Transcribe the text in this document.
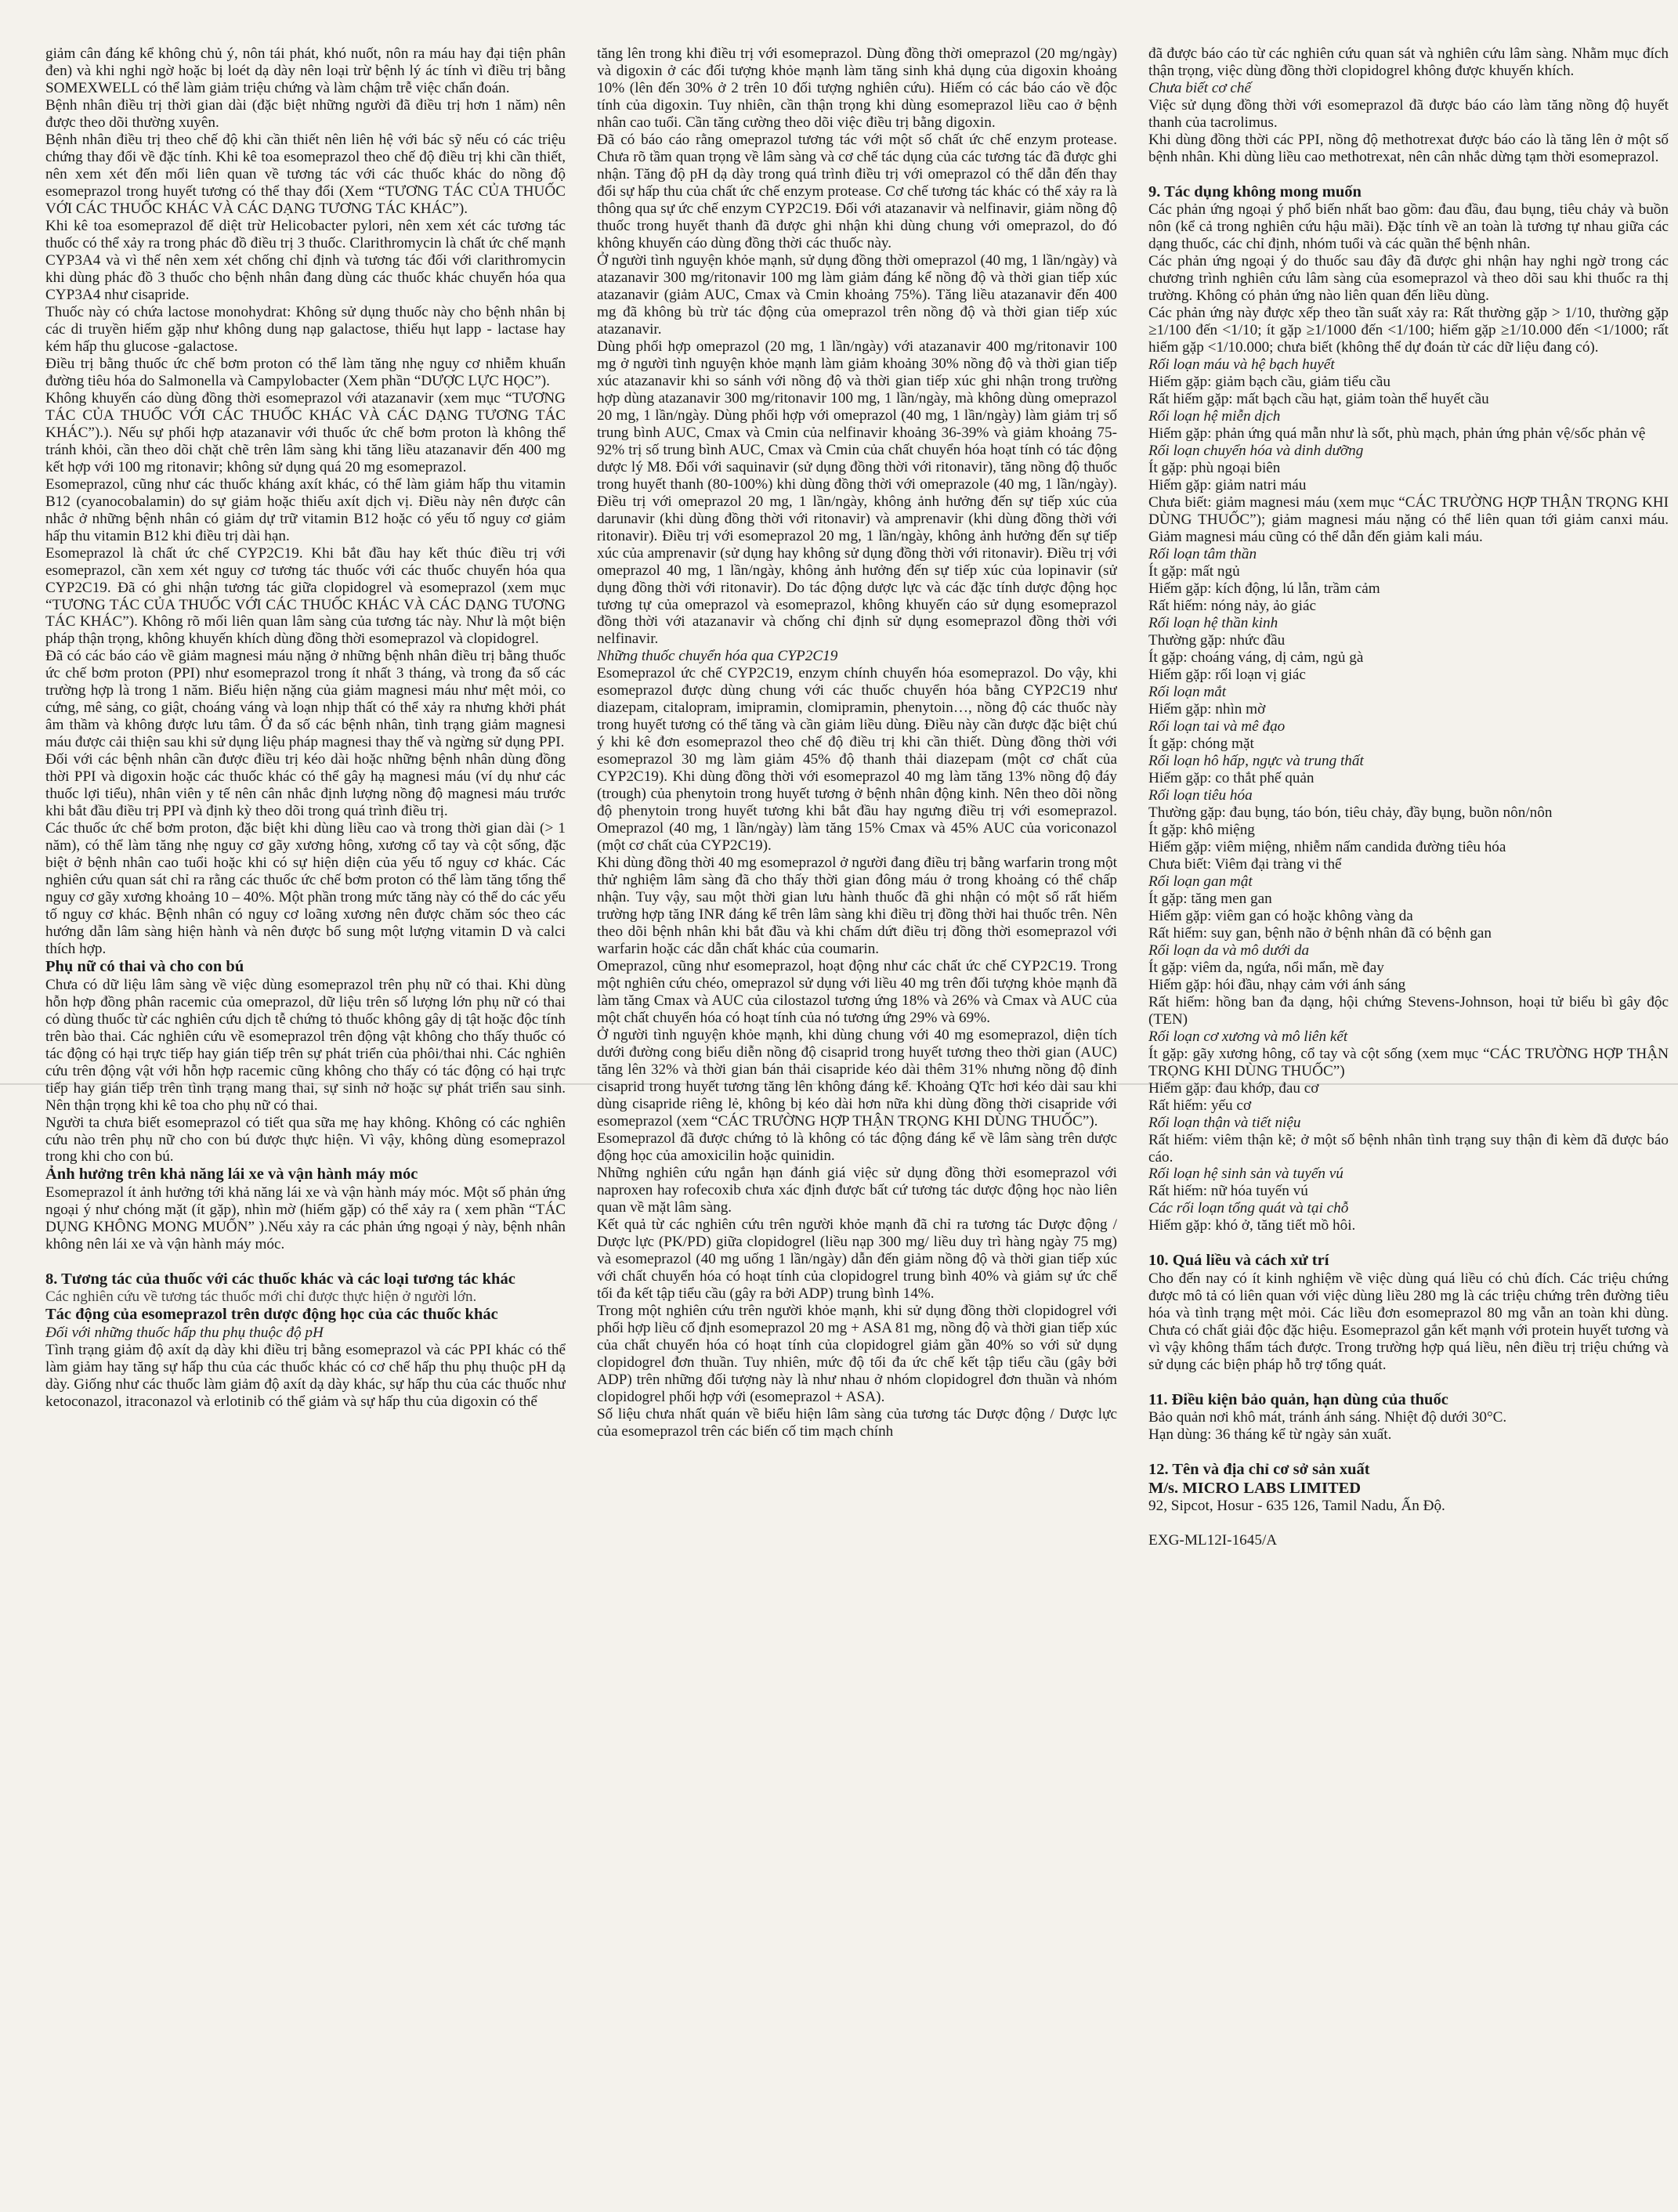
giảm cân đáng kể không chủ ý, nôn tái phát, khó nuốt, nôn ra máu hay đại tiện phân đen) và khi nghi ngờ hoặc bị loét dạ dày nên loại trừ bệnh lý ác tính vì điều trị bằng SOMEXWELL có thể làm giảm triệu chứng và làm chậm trễ việc chẩn đoán.

Bệnh nhân điều trị thời gian dài (đặc biệt những người đã điều trị hơn 1 năm) nên được theo dõi thường xuyên.

Bệnh nhân điều trị theo chế độ khi cần thiết nên liên hệ với bác sỹ nếu có các triệu chứng thay đổi về đặc tính. Khi kê toa esomeprazol theo chế độ điều trị khi cần thiết, nên xem xét đến mối liên quan về tương tác với các thuốc khác do nồng độ esomeprazol trong huyết tương có thể thay đổi (Xem “TƯƠNG TÁC CỦA THUỐC VỚI CÁC THUỐC KHÁC VÀ CÁC DẠNG TƯƠNG TÁC KHÁC”).

Khi kê toa esomeprazol để diệt trừ Helicobacter pylori, nên xem xét các tương tác thuốc có thể xảy ra trong phác đồ điều trị 3 thuốc. Clarithromycin là chất ức chế mạnh CYP3A4 và vì thế nên xem xét chống chỉ định và tương tác đối với clarithromycin khi dùng phác đồ 3 thuốc cho bệnh nhân đang dùng các thuốc khác chuyển hóa qua CYP3A4 như cisapride.

Thuốc này có chứa lactose monohydrat: Không sử dụng thuốc này cho bệnh nhân bị các di truyền hiếm gặp như không dung nạp galactose, thiếu hụt lapp - lactase hay kém hấp thu glucose -galactose.

Điều trị bằng thuốc ức chế bơm proton có thể làm tăng nhẹ nguy cơ nhiễm khuẩn đường tiêu hóa do Salmonella và Campylobacter (Xem phần “DƯỢC LỰC HỌC”).

Không khuyến cáo dùng đồng thời esomeprazol với atazanavir (xem mục “TƯƠNG TÁC CỦA THUỐC VỚI CÁC THUỐC KHÁC VÀ CÁC DẠNG TƯƠNG TÁC KHÁC”).). Nếu sự phối hợp atazanavir với thuốc ức chế bơm proton là không thể tránh khỏi, cần theo dõi chặt chẽ trên lâm sàng khi tăng liều atazanavir đến 400 mg kết hợp với 100 mg ritonavir; không sử dụng quá 20 mg esomeprazol.

Esomeprazol, cũng như các thuốc kháng axít khác, có thể làm giảm hấp thu vitamin B12 (cyanocobalamin) do sự giảm hoặc thiếu axít dịch vị. Điều này nên được cân nhắc ở những bệnh nhân có giảm dự trữ vitamin B12 hoặc có yếu tố nguy cơ giảm hấp thu vitamin B12 khi điều trị dài hạn.

Esomeprazol là chất ức chế CYP2C19. Khi bắt đầu hay kết thúc điều trị với esomeprazol, cần xem xét nguy cơ tương tác thuốc với các thuốc chuyển hóa qua CYP2C19. Đã có ghi nhận tương tác giữa clopidogrel và esomeprazol (xem mục “TƯƠNG TÁC CỦA THUỐC VỚI CÁC THUỐC KHÁC VÀ CÁC DẠNG TƯƠNG TÁC KHÁC”). Không rõ mối liên quan lâm sàng của tương tác này. Như là một biện pháp thận trọng, không khuyến khích dùng đồng thời esomeprazol và clopidogrel.

Đã có các báo cáo về giảm magnesi máu nặng ở những bệnh nhân điều trị bằng thuốc ức chế bơm proton (PPI) như esomeprazol trong ít nhất 3 tháng, và trong đa số các trường hợp là trong 1 năm. Biểu hiện nặng của giảm magnesi máu như mệt mỏi, co cứng, mê sảng, co giật, choáng váng và loạn nhịp thất có thể xảy ra nhưng khởi phát âm thầm và không được lưu tâm. Ở đa số các bệnh nhân, tình trạng giảm magnesi máu được cải thiện sau khi sử dụng liệu pháp magnesi thay thế và ngừng sử dụng PPI.

Đối với các bệnh nhân cần được điều trị kéo dài hoặc những bệnh nhân dùng đồng thời PPI và digoxin hoặc các thuốc khác có thể gây hạ magnesi máu (ví dụ như các thuốc lợi tiểu), nhân viên y tế nên cân nhắc định lượng nồng độ magnesi máu trước khi bắt đầu điều trị PPI và định kỳ theo dõi trong quá trình điều trị.

Các thuốc ức chế bơm proton, đặc biệt khi dùng liều cao và trong thời gian dài (> 1 năm), có thể làm tăng nhẹ nguy cơ gãy xương hông, xương cổ tay và cột sống, đặc biệt ở bệnh nhân cao tuổi hoặc khi có sự hiện diện của yếu tố nguy cơ khác. Các nghiên cứu quan sát chỉ ra rằng các thuốc ức chế bơm proton có thể làm tăng tổng thể nguy cơ gãy xương khoảng 10 – 40%. Một phần trong mức tăng này có thể do các yếu tố nguy cơ khác. Bệnh nhân có nguy cơ loãng xương nên được chăm sóc theo các hướng dẫn lâm sàng hiện hành và nên được bổ sung một lượng vitamin D và calci thích hợp.

Phụ nữ có thai và cho con bú

Chưa có dữ liệu lâm sàng về việc dùng esomeprazol trên phụ nữ có thai. Khi dùng hỗn hợp đồng phân racemic của omeprazol, dữ liệu trên số lượng lớn phụ nữ có thai có dùng thuốc từ các nghiên cứu dịch tễ chứng tỏ thuốc không gây dị tật hoặc độc tính trên bào thai. Các nghiên cứu về esomeprazol trên động vật không cho thấy thuốc có tác động có hại trực tiếp hay gián tiếp trên sự phát triển của phôi/thai nhi. Các nghiên cứu trên động vật với hỗn hợp racemic cũng không cho thấy có tác động có hại trực tiếp hay gián tiếp trên tình trạng mang thai, sự sinh nở hoặc sự phát triển sau sinh. Nên thận trọng khi kê toa cho phụ nữ có thai.

Người ta chưa biết esomeprazol có tiết qua sữa mẹ hay không. Không có các nghiên cứu nào trên phụ nữ cho con bú được thực hiện. Vì vậy, không dùng esomeprazol trong khi cho con bú.

Ảnh hưởng trên khả năng lái xe và vận hành máy móc

Esomeprazol ít ảnh hưởng tới khả năng lái xe và vận hành máy móc. Một số phản ứng ngoại ý như chóng mặt (ít gặp), nhìn mờ (hiếm gặp) có thể xảy ra ( xem phần “TÁC DỤNG KHÔNG MONG MUỐN” ).Nếu xảy ra các phản ứng ngoại ý này, bệnh nhân không nên lái xe và vận hành máy móc.

8. Tương tác của thuốc với các thuốc khác và các loại tương tác khác

Các nghiên cứu về tương tác thuốc mới chỉ được thực hiện ở người lớn.

Tác động của esomeprazol trên dược động học của các thuốc khác

Đối với những thuốc hấp thu phụ thuộc độ pH

Tình trạng giảm độ axít dạ dày khi điều trị bằng esomeprazol và các PPI khác có thể làm giảm hay tăng sự hấp thu của các thuốc khác có cơ chế hấp thu phụ thuộc pH dạ dày. Giống như các thuốc làm giảm độ axít dạ dày khác, sự hấp thu của các thuốc như ketoconazol, itraconazol và erlotinib có thể giảm và sự hấp thu của digoxin có thể

tăng lên trong khi điều trị với esomeprazol. Dùng đồng thời omeprazol (20 mg/ngày) và digoxin ở các đối tượng khỏe mạnh làm tăng sinh khả dụng của digoxin khoảng 10% (lên đến 30% ở 2 trên 10 đối tượng nghiên cứu). Hiếm có các báo cáo về độc tính của digoxin. Tuy nhiên, cần thận trọng khi dùng esomeprazol liều cao ở bệnh nhân cao tuổi. Cần tăng cường theo dõi việc điều trị bằng digoxin.

Đã có báo cáo rằng omeprazol tương tác với một số chất ức chế enzym protease. Chưa rõ tầm quan trọng về lâm sàng và cơ chế tác dụng của các tương tác đã được ghi nhận. Tăng độ pH dạ dày trong quá trình điều trị với omeprazol có thể dẫn đến thay đổi sự hấp thu của chất ức chế enzym protease. Cơ chế tương tác khác có thể xảy ra là thông qua sự ức chế enzym CYP2C19. Đối với atazanavir và nelfinavir, giảm nồng độ thuốc trong huyết thanh đã được ghi nhận khi dùng chung với omeprazol, do đó không khuyến cáo dùng đồng thời các thuốc này.

Ở người tình nguyện khỏe mạnh, sử dụng đồng thời omeprazol (40 mg, 1 lần/ngày) và atazanavir 300 mg/ritonavir 100 mg làm giảm đáng kể nồng độ và thời gian tiếp xúc atazanavir (giảm AUC, Cmax và Cmin khoảng 75%). Tăng liều atazanavir đến 400 mg đã không bù trừ tác động của omeprazol trên nồng độ và thời gian tiếp xúc atazanavir.

Dùng phối hợp omeprazol (20 mg, 1 lần/ngày) với atazanavir 400 mg/ritonavir 100 mg ở người tình nguyện khỏe mạnh làm giảm khoảng 30% nồng độ và thời gian tiếp xúc atazanavir khi so sánh với nồng độ và thời gian tiếp xúc ghi nhận trong trường hợp dùng atazanavir 300 mg/ritonavir 100 mg, 1 lần/ngày, mà không dùng omeprazol 20 mg, 1 lần/ngày. Dùng phối hợp với omeprazol (40 mg, 1 lần/ngày) làm giảm trị số trung bình AUC, Cmax và Cmin của nelfinavir khoảng 36-39% và giảm khoảng 75-92% trị số trung bình AUC, Cmax và Cmin của chất chuyển hóa hoạt tính có tác động dược lý M8. Đối với saquinavir (sử dụng đồng thời với ritonavir), tăng nồng độ thuốc trong huyết thanh (80-100%) khi dùng đồng thời với omeprazole (40 mg, 1 lần/ngày). Điều trị với omeprazol 20 mg, 1 lần/ngày, không ảnh hưởng đến sự tiếp xúc của darunavir (khi dùng đồng thời với ritonavir) và amprenavir (khi dùng đồng thời với ritonavir). Điều trị với esomeprazol 20 mg, 1 lần/ngày, không ảnh hưởng đến sự tiếp xúc của amprenavir (sử dụng hay không sử dụng đồng thời với ritonavir). Điều trị với omeprazol 40 mg, 1 lần/ngày, không ảnh hưởng đến sự tiếp xúc của lopinavir (sử dụng đồng thời với ritonavir). Do tác động dược lực và các đặc tính dược động học tương tự của omeprazol và esomeprazol, không khuyến cáo sử dụng esomeprazol đồng thời với atazanavir và chống chỉ định sử dụng esomeprazol đồng thời với nelfinavir.

Những thuốc chuyển hóa qua CYP2C19

Esomeprazol ức chế CYP2C19, enzym chính chuyển hóa esomeprazol. Do vậy, khi esomeprazol được dùng chung với các thuốc chuyển hóa bằng CYP2C19 như diazepam, citalopram, imipramin, clomipramin, phenytoin…, nồng độ các thuốc này trong huyết tương có thể tăng và cần giảm liều dùng. Điều này cần được đặc biệt chú ý khi kê đơn esomeprazol theo chế độ điều trị khi cần thiết. Dùng đồng thời với esomeprazol 30 mg làm giảm 45% độ thanh thải diazepam (một cơ chất của CYP2C19). Khi dùng đồng thời với esomeprazol 40 mg làm tăng 13% nồng độ đáy (trough) của phenytoin trong huyết tương ở bệnh nhân động kinh. Nên theo dõi nồng độ phenytoin trong huyết tương khi bắt đầu hay ngưng điều trị với esomeprazol. Omeprazol (40 mg, 1 lần/ngày) làm tăng 15% Cmax và 45% AUC của voriconazol (một cơ chất của CYP2C19).

Khi dùng đồng thời 40 mg esomeprazol ở người đang điều trị bằng warfarin trong một thử nghiệm lâm sàng đã cho thấy thời gian đông máu ở trong khoảng có thể chấp nhận. Tuy vậy, sau một thời gian lưu hành thuốc đã ghi nhận có một số rất hiếm trường hợp tăng INR đáng kể trên lâm sàng khi điều trị đồng thời hai thuốc trên. Nên theo dõi bệnh nhân khi bắt đầu và khi chấm dứt điều trị đồng thời esomeprazol với warfarin hoặc các dẫn chất khác của coumarin.

Omeprazol, cũng như esomeprazol, hoạt động như các chất ức chế CYP2C19. Trong một nghiên cứu chéo, omeprazol sử dụng với liều 40 mg trên đối tượng khỏe mạnh đã làm tăng Cmax và AUC của cilostazol tương ứng 18% và 26% và Cmax và AUC của một chất chuyển hóa có hoạt tính của nó tương ứng 29% và 69%.

Ở người tình nguyện khỏe mạnh, khi dùng chung với 40 mg esomeprazol, diện tích dưới đường cong biểu diễn nồng độ cisaprid trong huyết tương theo thời gian (AUC) tăng lên 32% và thời gian bán thải cisapride kéo dài thêm 31% nhưng nồng độ đỉnh cisaprid trong huyết tương tăng lên không đáng kể. Khoảng QTc hơi kéo dài sau khi dùng cisapride riêng lẻ, không bị kéo dài hơn nữa khi dùng đồng thời cisapride với esomeprazol (xem “CÁC TRƯỜNG HỢP THẬN TRỌNG KHI DÙNG THUỐC”).

Esomeprazol đã được chứng tỏ là không có tác động đáng kể về lâm sàng trên dược động học của amoxicilin hoặc quinidin.

Những nghiên cứu ngắn hạn đánh giá việc sử dụng đồng thời esomeprazol với naproxen hay rofecoxib chưa xác định được bất cứ tương tác dược động học nào liên quan về mặt lâm sàng.

Kết quả từ các nghiên cứu trên người khỏe mạnh đã chỉ ra tương tác Dược động / Dược lực (PK/PD) giữa clopidogrel (liều nạp 300 mg/ liều duy trì hàng ngày 75 mg) và esomeprazol (40 mg uống 1 lần/ngày) dẫn đến giảm nồng độ và thời gian tiếp xúc với chất chuyển hóa có hoạt tính của clopidogrel trung bình 40% và giảm sự ức chế tối đa kết tập tiểu cầu (gây ra bởi ADP) trung bình 14%.

Trong một nghiên cứu trên người khỏe mạnh, khi sử dụng đồng thời clopidogrel với phối hợp liều cố định esomeprazol 20 mg + ASA 81 mg, nồng độ và thời gian tiếp xúc của chất chuyển hóa có hoạt tính của clopidogrel giảm gần 40% so với sử dụng clopidogrel đơn thuần. Tuy nhiên, mức độ tối đa ức chế kết tập tiểu cầu (gây bởi ADP) trên những đối tượng này là như nhau ở nhóm clopidogrel đơn thuần và nhóm clopidogrel phối hợp với (esomeprazol + ASA).

Số liệu chưa nhất quán về biểu hiện lâm sàng của tương tác Dược động / Dược lực của esomeprazol trên các biến cố tim mạch chính

đã được báo cáo từ các nghiên cứu quan sát và nghiên cứu lâm sàng. Nhằm mục đích thận trọng, việc dùng đồng thời clopidogrel không được khuyến khích.

Chưa biết cơ chế

Việc sử dụng đồng thời với esomeprazol đã được báo cáo làm tăng nồng độ huyết thanh của tacrolimus.

Khi dùng đồng thời các PPI, nồng độ methotrexat được báo cáo là tăng lên ở một số bệnh nhân. Khi dùng liều cao methotrexat, nên cân nhắc dừng tạm thời esomeprazol.

9. Tác dụng không mong muốn

Các phản ứng ngoại ý phổ biến nhất bao gồm: đau đầu, đau bụng, tiêu chảy và buồn nôn (kể cả trong nghiên cứu hậu mãi). Đặc tính về an toàn là tương tự nhau giữa các dạng thuốc, các chỉ định, nhóm tuổi và các quần thể bệnh nhân.

Các phản ứng ngoại ý do thuốc sau đây đã được ghi nhận hay nghi ngờ trong các chương trình nghiên cứu lâm sàng của esomeprazol và theo dõi sau khi thuốc ra thị trường. Không có phản ứng nào liên quan đến liều dùng.

Các phản ứng này được xếp theo tần suất xảy ra: Rất thường gặp > 1/10, thường gặp ≥1/100 đến <1/10; ít gặp ≥1/1000 đến <1/100; hiếm gặp ≥1/10.000 đến <1/1000; rất hiếm gặp <1/10.000; chưa biết (không thể dự đoán từ các dữ liệu đang có).

Rối loạn máu và hệ bạch huyết

Hiếm gặp: giảm bạch cầu, giảm tiểu cầu

Rất hiếm gặp: mất bạch cầu hạt, giảm toàn thể huyết cầu

Rối loạn hệ miễn dịch

Hiếm gặp: phản ứng quá mẫn như là sốt, phù mạch, phản ứng phản vệ/sốc phản vệ

Rối loạn chuyển hóa và dinh dưỡng

Ít gặp: phù ngoại biên

Hiếm gặp: giảm natri máu

Chưa biết: giảm magnesi máu (xem mục “CÁC TRƯỜNG HỢP THẬN TRỌNG KHI DÙNG THUỐC”); giảm magnesi máu nặng có thể liên quan tới giảm canxi máu. Giảm magnesi máu cũng có thể dẫn đến giảm kali máu.

Rối loạn tâm thần

Ít gặp: mất ngủ

Hiếm gặp: kích động, lú lẫn, trầm cảm

Rất hiếm: nóng nảy, ảo giác

Rối loạn hệ thần kinh

Thường gặp: nhức đầu

Ít gặp: choáng váng, dị cảm, ngủ gà

Hiếm gặp: rối loạn vị giác

Rối loạn mắt

Hiếm gặp: nhìn mờ

Rối loạn tai và mê đạo

Ít gặp: chóng mặt

Rối loạn hô hấp, ngực và trung thất

Hiếm gặp: co thắt phế quản

Rối loạn tiêu hóa

Thường gặp: đau bụng, táo bón, tiêu chảy, đầy bụng, buồn nôn/nôn

Ít gặp: khô miệng

Hiếm gặp: viêm miệng, nhiễm nấm candida đường tiêu hóa

Chưa biết: Viêm đại tràng vi thể

Rối loạn gan mật

Ít gặp: tăng men gan

Hiếm gặp: viêm gan có hoặc không vàng da

Rất hiếm: suy gan, bệnh não ở bệnh nhân đã có bệnh gan

Rối loạn da và mô dưới da

Ít gặp: viêm da, ngứa, nổi mẩn, mề đay

Hiếm gặp: hói đầu, nhạy cảm với ánh sáng

Rất hiếm: hồng ban đa dạng, hội chứng Stevens-Johnson, hoại tử biểu bì gây độc (TEN)

Rối loạn cơ xương và mô liên kết

Ít gặp: gãy xương hông, cổ tay và cột sống (xem mục “CÁC TRƯỜNG HỢP THẬN TRỌNG KHI DÙNG THUỐC”)

Hiếm gặp: đau khớp, đau cơ

Rất hiếm: yếu cơ

Rối loạn thận và tiết niệu

Rất hiếm: viêm thận kẽ; ở một số bệnh nhân tình trạng suy thận đi kèm đã được báo cáo.

Rối loạn hệ sinh sản và tuyến vú

Rất hiếm: nữ hóa tuyến vú

Các rối loạn tổng quát và tại chỗ

Hiếm gặp: khó ở, tăng tiết mồ hôi.

10. Quá liều và cách xử trí

Cho đến nay có ít kinh nghiệm về việc dùng quá liều có chủ đích. Các triệu chứng được mô tả có liên quan với việc dùng liều 280 mg là các triệu chứng trên đường tiêu hóa và tình trạng mệt mỏi. Các liều đơn esomeprazol 80 mg vẫn an toàn khi dùng. Chưa có chất giải độc đặc hiệu. Esomeprazol gắn kết mạnh với protein huyết tương và vì vậy không thẩm tách được. Trong trường hợp quá liều, nên điều trị triệu chứng và sử dụng các biện pháp hỗ trợ tổng quát.

11. Điều kiện bảo quản, hạn dùng của thuốc

Bảo quản nơi khô mát, tránh ánh sáng. Nhiệt độ dưới 30°C.

Hạn dùng: 36 tháng kể từ ngày sản xuất.

12. Tên và địa chỉ cơ sở sản xuất

M/s. MICRO LABS LIMITED

92, Sipcot, Hosur - 635 126, Tamil Nadu, Ấn Độ.

EXG-ML12I-1645/A
